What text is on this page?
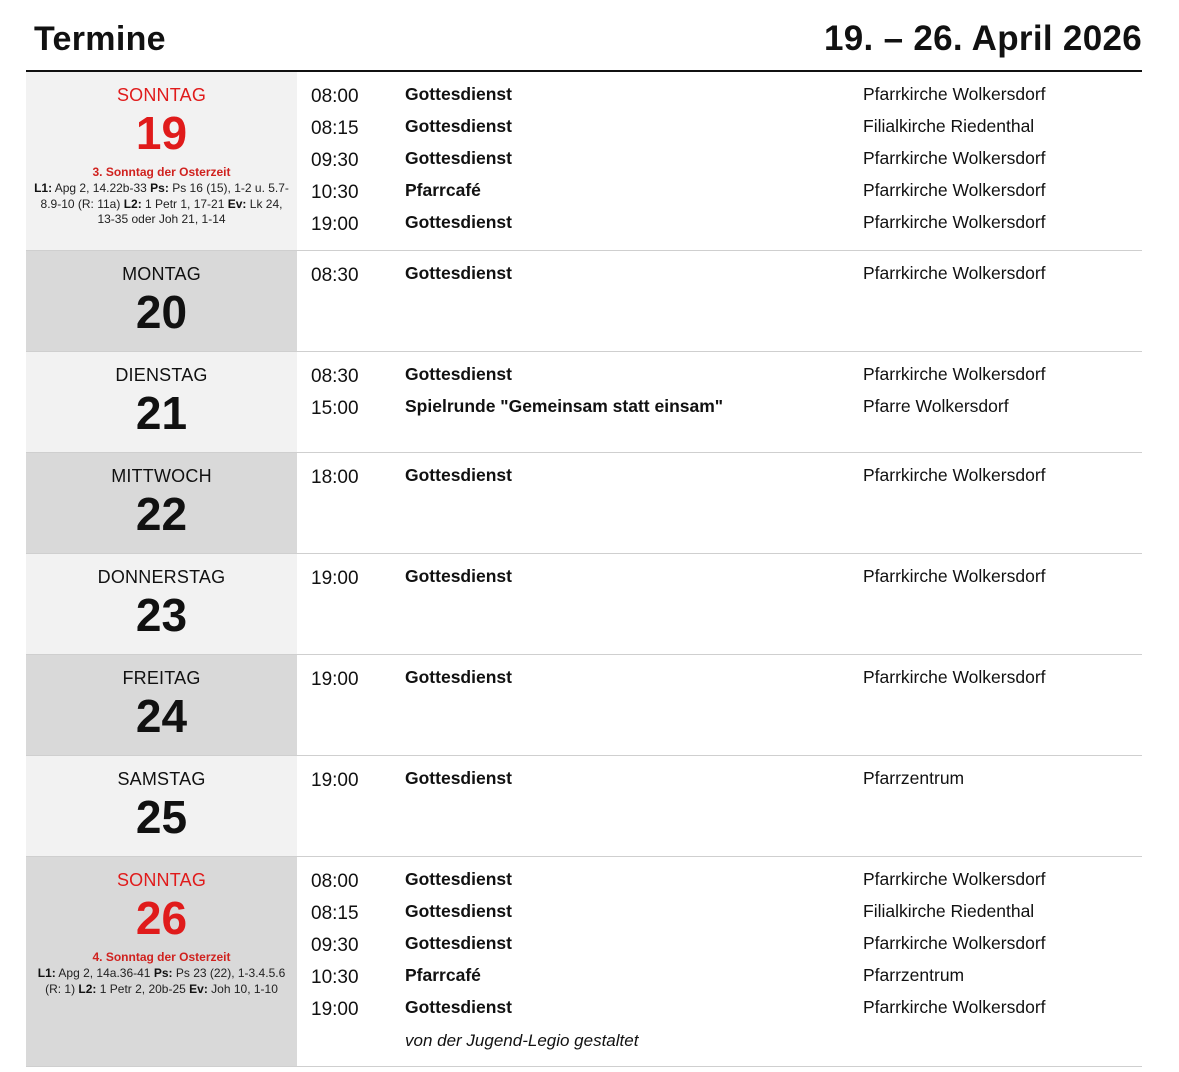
Termine	19. – 26. April 2026
SONNTAG
19
3. Sonntag der Osterzeit
L1: Apg 2, 14.22b-33 Ps: Ps 16 (15), 1-2 u. 5.7-8.9-10 (R: 11a) L2: 1 Petr 1, 17-21 Ev: Lk 24, 13-35 oder Joh 21, 1-14
08:00	Gottesdienst	Pfarrkirche Wolkersdorf
08:15	Gottesdienst	Filialkirche Riedenthal
09:30	Gottesdienst	Pfarrkirche Wolkersdorf
10:30	Pfarrcafé	Pfarrkirche Wolkersdorf
19:00	Gottesdienst	Pfarrkirche Wolkersdorf
MONTAG
20
08:30	Gottesdienst	Pfarrkirche Wolkersdorf
DIENSTAG
21
08:30	Gottesdienst	Pfarrkirche Wolkersdorf
15:00	Spielrunde "Gemeinsam statt einsam"	Pfarre Wolkersdorf
MITTWOCH
22
18:00	Gottesdienst	Pfarrkirche Wolkersdorf
DONNERSTAG
23
19:00	Gottesdienst	Pfarrkirche Wolkersdorf
FREITAG
24
19:00	Gottesdienst	Pfarrkirche Wolkersdorf
SAMSTAG
25
19:00	Gottesdienst	Pfarrzentrum
SONNTAG
26
4. Sonntag der Osterzeit
L1: Apg 2, 14a.36-41 Ps: Ps 23 (22), 1-3.4.5.6 (R: 1) L2: 1 Petr 2, 20b-25 Ev: Joh 10, 1-10
08:00	Gottesdienst	Pfarrkirche Wolkersdorf
08:15	Gottesdienst	Filialkirche Riedenthal
09:30	Gottesdienst	Pfarrkirche Wolkersdorf
10:30	Pfarrcafé	Pfarrzentrum
19:00	Gottesdienst	Pfarrkirche Wolkersdorf
von der Jugend-Legio gestaltet
